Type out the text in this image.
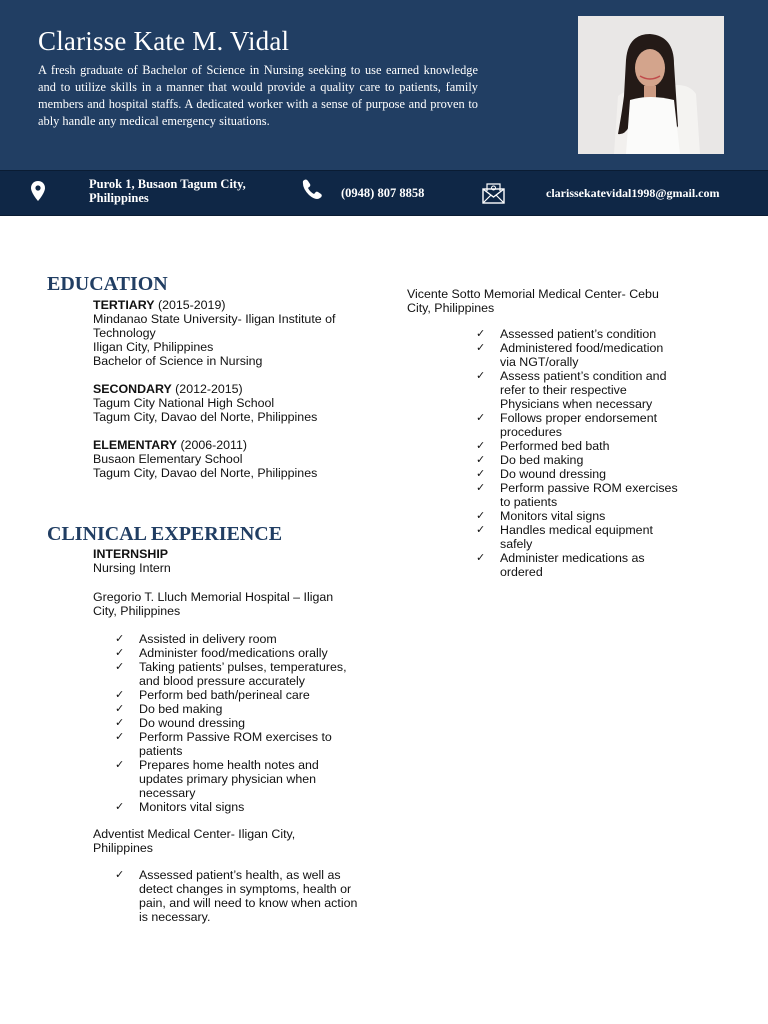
Clarisse Kate M. Vidal

A fresh graduate of Bachelor of Science in Nursing seeking to use earned knowledge and to utilize skills in a manner that would provide a quality care to patients, family members and hospital staffs. A dedicated worker with a sense of purpose and proven to ably handle any medical emergency situations.

Purok 1, Busaon Tagum City, Philippines	(0948) 807 8858	clarissekatevidal1998@gmail.com
EDUCATION
TERTIARY (2015-2019)
Mindanao State University- Iligan Institute of Technology
Iligan City, Philippines
Bachelor of Science in Nursing
SECONDARY (2012-2015)
Tagum City National High School
Tagum City, Davao del Norte, Philippines
ELEMENTARY (2006-2011)
Busaon Elementary School
Tagum City, Davao del Norte, Philippines
CLINICAL EXPERIENCE
INTERNSHIP
Nursing Intern
Gregorio T. Lluch Memorial Hospital – Iligan City, Philippines
✓ Assisted in delivery room
✓ Administer food/medications orally
✓ Taking patients’ pulses, temperatures, and blood pressure accurately
✓ Perform bed bath/perineal care
✓ Do bed making
✓ Do wound dressing
✓ Perform Passive ROM exercises to patients
✓ Prepares home health notes and updates primary physician when necessary
✓ Monitors vital signs
Adventist Medical Center- Iligan City, Philippines
✓ Assessed patient’s health, as well as detect changes in symptoms, health or pain, and will need to know when action is necessary.
Vicente Sotto Memorial Medical Center- Cebu City, Philippines
✓ Assessed patient’s condition
✓ Administered food/medication via NGT/orally
✓ Assess patient’s condition and refer to their respective Physicians when necessary
✓ Follows proper endorsement procedures
✓ Performed bed bath
✓ Do bed making
✓ Do wound dressing
✓ Perform passive ROM exercises to patients
✓ Monitors vital signs
✓ Handles medical equipment safely
✓ Administer medications as ordered
